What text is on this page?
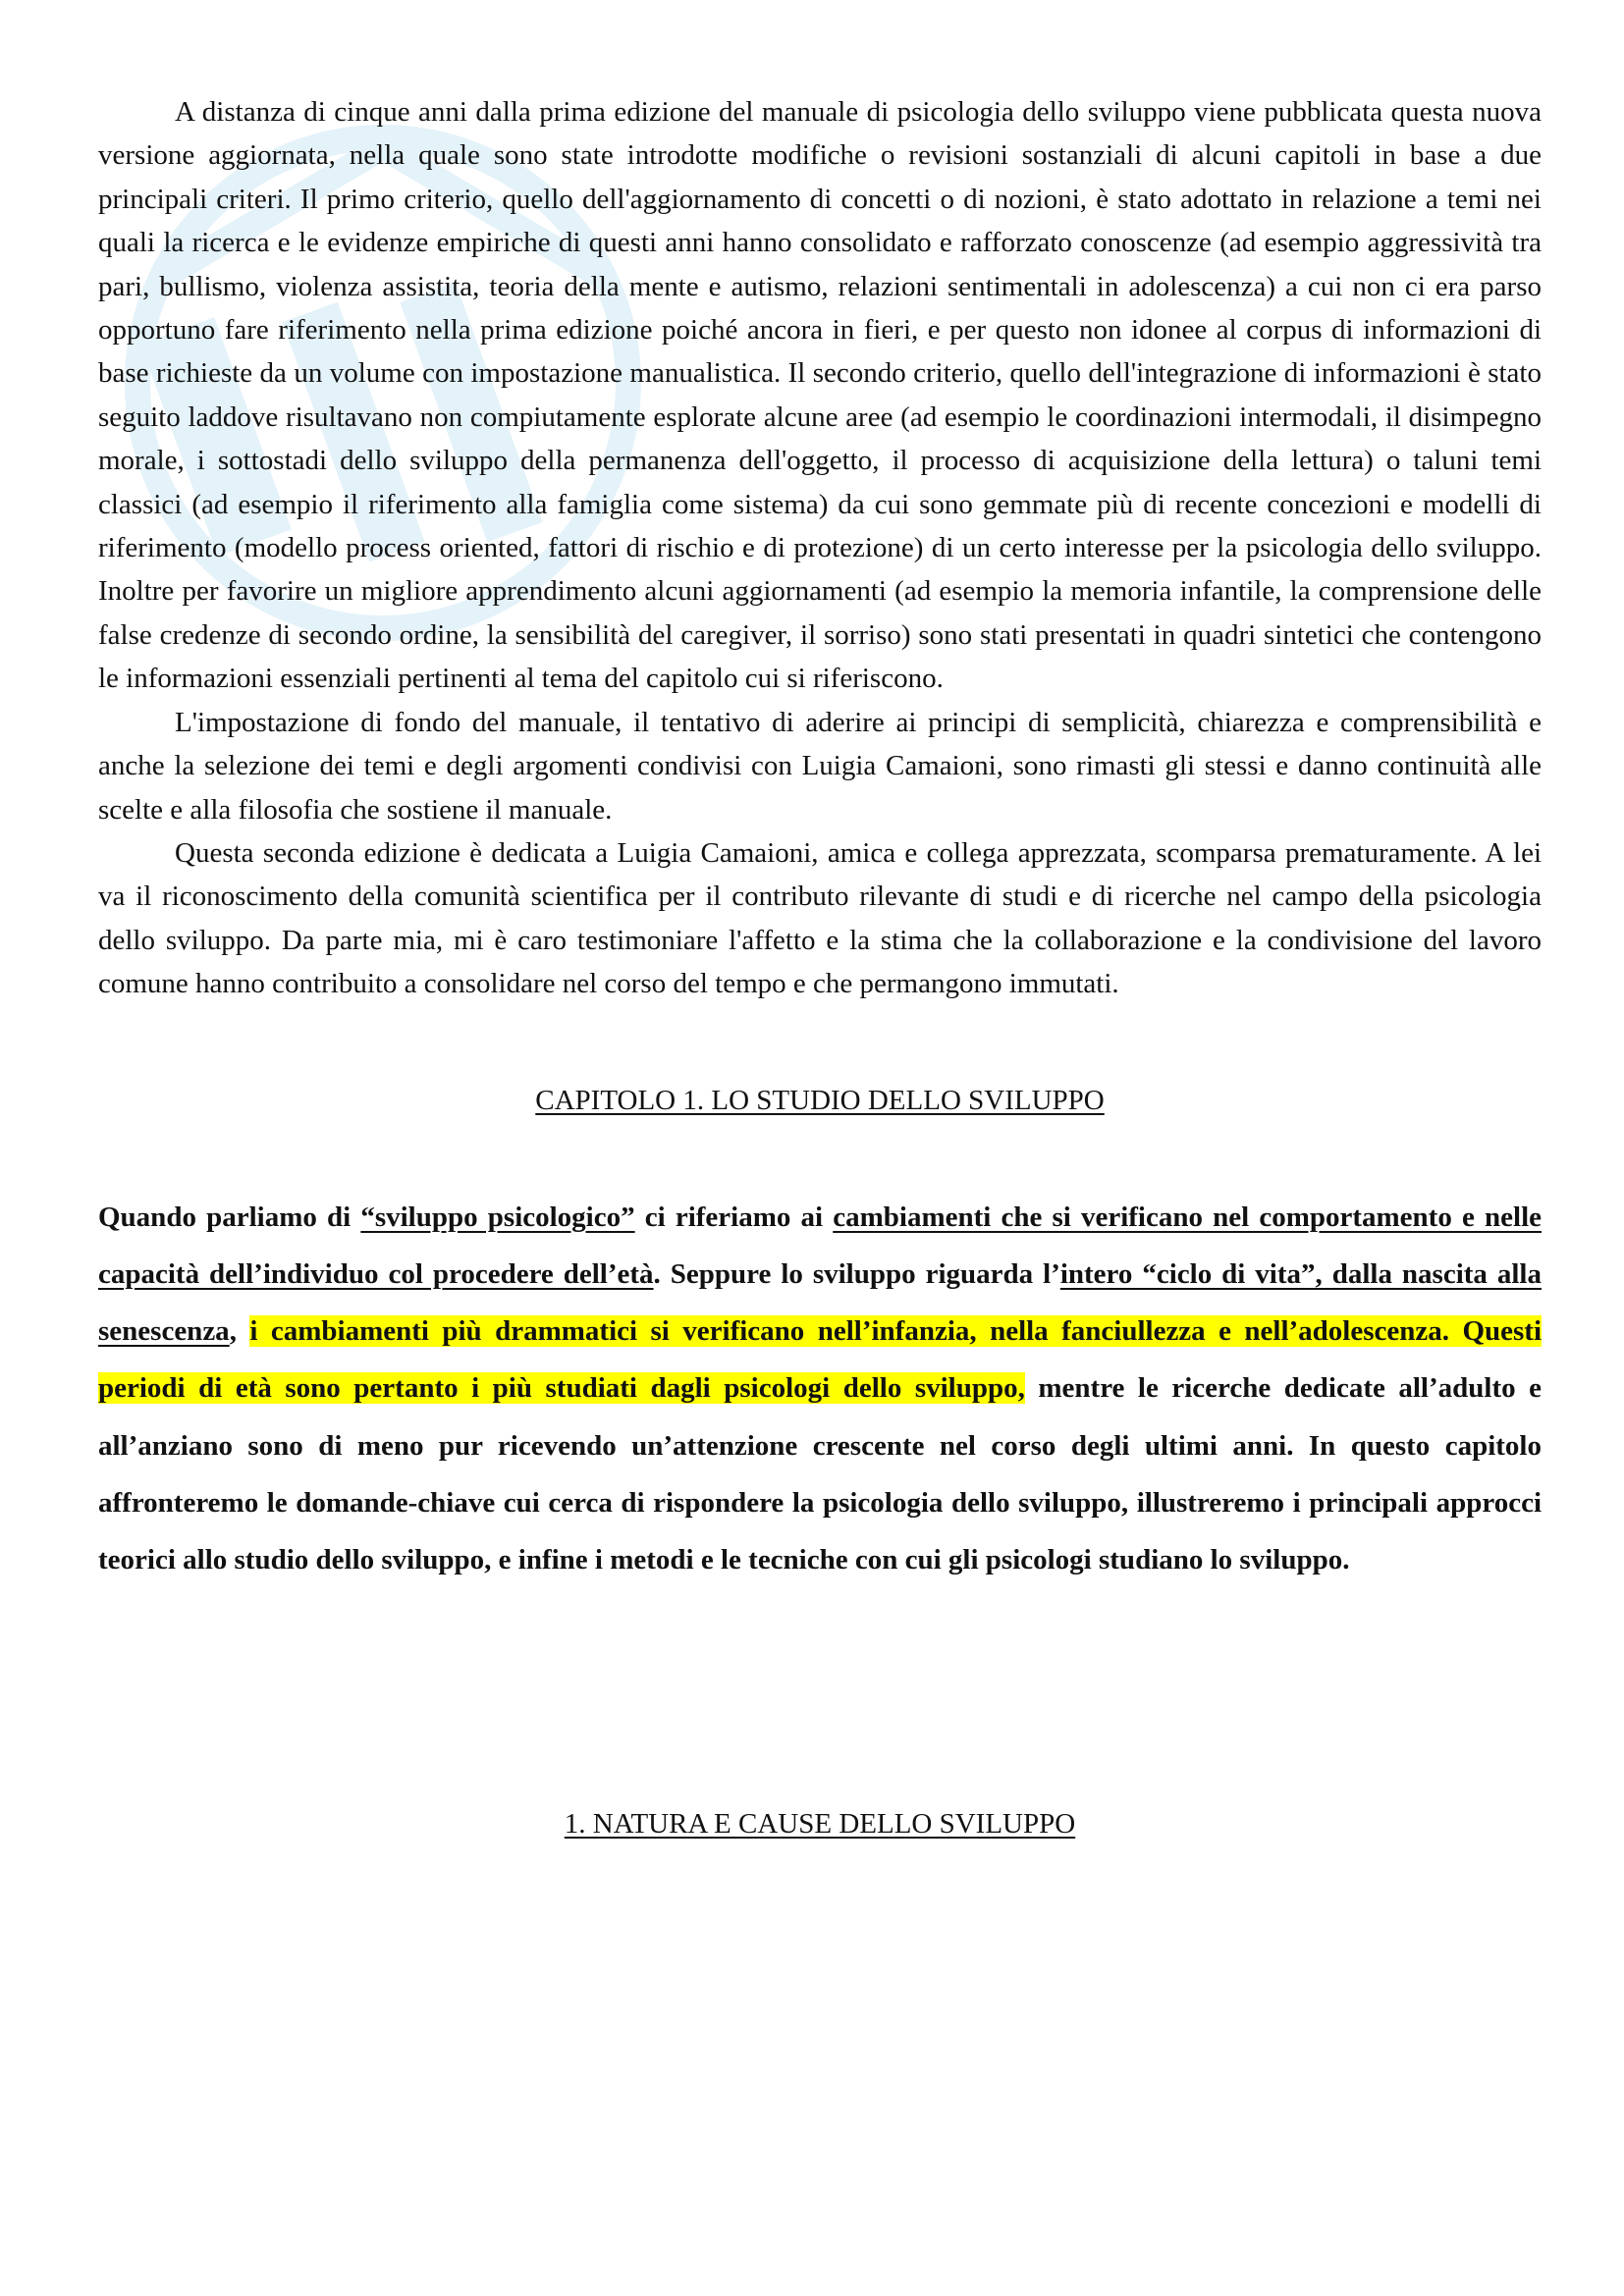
A distanza di cinque anni dalla prima edizione del manuale di psicologia dello sviluppo viene pubblicata questa nuova versione aggiornata, nella quale sono state introdotte modifiche o revisioni sostanziali di alcuni capitoli in base a due principali criteri. Il primo criterio, quello dell'aggiornamento di concetti o di nozioni, è stato adottato in relazione a temi nei quali la ricerca e le evidenze empiriche di questi anni hanno consolidato e rafforzato conoscenze (ad esempio aggressività tra pari, bullismo, violenza assistita, teoria della mente e autismo, relazioni sentimentali in adolescenza) a cui non ci era parso opportuno fare riferimento nella prima edizione poiché ancora in fieri, e per questo non idonee al corpus di informazioni di base richieste da un volume con impostazione manualistica. Il secondo criterio, quello dell'integrazione di informazioni è stato seguito laddove risultavano non compiutamente esplorate alcune aree (ad esempio le coordinazioni intermodali, il disimpegno morale, i sottostadi dello sviluppo della permanenza dell'oggetto, il processo di acquisizione della lettura) o taluni temi classici (ad esempio il riferimento alla famiglia come sistema) da cui sono gemmate più di recente concezioni e modelli di riferimento (modello process oriented, fattori di rischio e di protezione) di un certo interesse per la psicologia dello sviluppo. Inoltre per favorire un migliore apprendimento alcuni aggiornamenti (ad esempio la memoria infantile, la comprensione delle false credenze di secondo ordine, la sensibilità del caregiver, il sorriso) sono stati presentati in quadri sintetici che contengono le informazioni essenziali pertinenti al tema del capitolo cui si riferiscono.

L'impostazione di fondo del manuale, il tentativo di aderire ai principi di semplicità, chiarezza e comprensibilità e anche la selezione dei temi e degli argomenti condivisi con Luigia Camaioni, sono rimasti gli stessi e danno continuità alle scelte e alla filosofia che sostiene il manuale.

Questa seconda edizione è dedicata a Luigia Camaioni, amica e collega apprezzata, scomparsa prematuramente. A lei va il riconoscimento della comunità scientifica per il contributo rilevante di studi e di ricerche nel campo della psicologia dello sviluppo. Da parte mia, mi è caro testimoniare l'affetto e la stima che la collaborazione e la condivisione del lavoro comune hanno contribuito a consolidare nel corso del tempo e che permangono immutati.

CAPITOLO 1. LO STUDIO DELLO SVILUPPO

Quando parliamo di “sviluppo psicologico” ci riferiamo ai cambiamenti che si verificano nel comportamento e nelle capacità dell’individuo col procedere dell’età. Seppure lo sviluppo riguarda l’intero “ciclo di vita”, dalla nascita alla senescenza, i cambiamenti più drammatici si verificano nell’infanzia, nella fanciullezza e nell’adolescenza. Questi periodi di età sono pertanto i più studiati dagli psicologi dello sviluppo, mentre le ricerche dedicate all’adulto e all’anziano sono di meno pur ricevendo un’attenzione crescente nel corso degli ultimi anni. In questo capitolo affronteremo le domande-chiave cui cerca di rispondere la psicologia dello sviluppo, illustreremo i principali approcci teorici allo studio dello sviluppo, e infine i metodi e le tecniche con cui gli psicologi studiano lo sviluppo.

1. NATURA E CAUSE DELLO SVILUPPO
